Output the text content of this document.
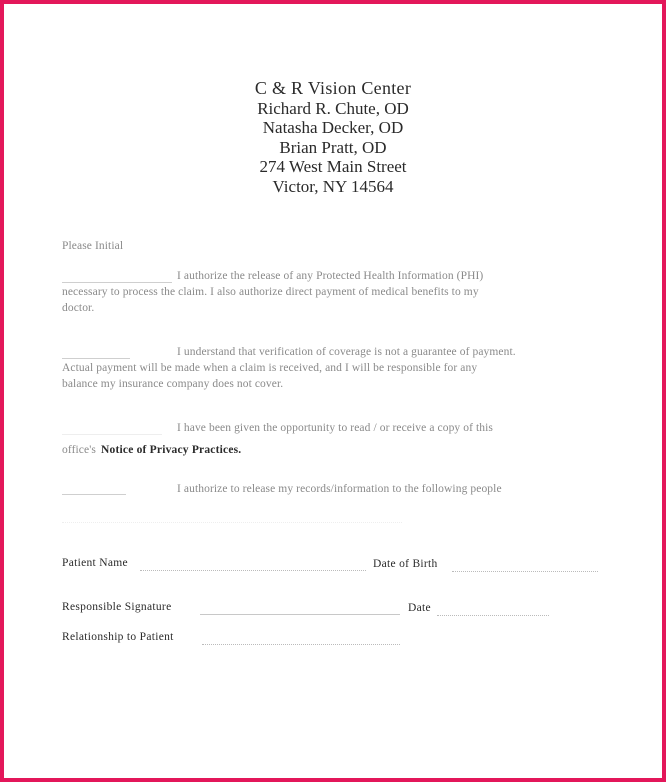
C & R Vision Center
Richard R. Chute, OD
Natasha Decker, OD
Brian Pratt, OD
274 West Main Street
Victor, NY 14564
Please Initial
I authorize the release of any Protected Health Information (PHI)
necessary to process the claim. I also authorize direct payment of medical benefits to my
doctor.
I understand that verification of coverage is not a guarantee of payment.
Actual payment will be made when a claim is received, and I will be responsible for any
balance my insurance company does not cover.
I have been given the opportunity to read / or receive a copy of this
office's Notice of Privacy Practices.
I authorize to release my records/information to the following people
Patient Name	Date of Birth
Responsible Signature	Date
Relationship to Patient
